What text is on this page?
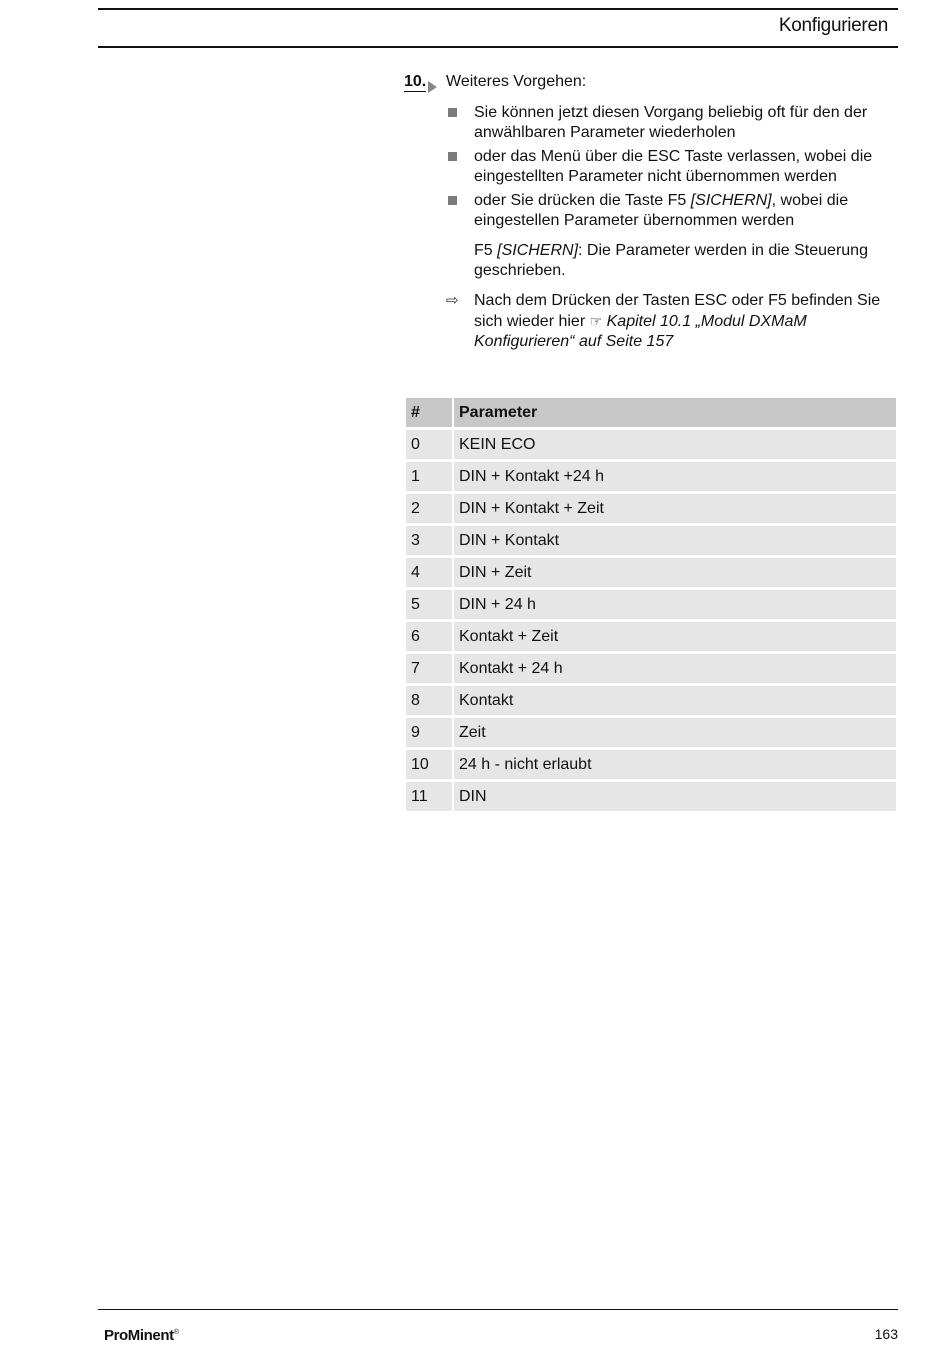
Konfigurieren
10.	Weiteres Vorgehen:
Sie können jetzt diesen Vorgang beliebig oft für den der anwählbaren Parameter wiederholen
oder das Menü über die ESC Taste verlassen, wobei die eingestellten Parameter nicht übernommen werden
oder Sie drücken die Taste F5 [SICHERN], wobei die eingestellen Parameter übernommen werden
F5 [SICHERN]: Die Parameter werden in die Steuerung geschrieben.
⇨ Nach dem Drücken der Tasten ESC oder F5 befinden Sie sich wieder hier ☞ Kapitel 10.1 „Modul DXMaM Konfigurieren“ auf Seite 157
#	Parameter
0	KEIN ECO
1	DIN + Kontakt +24 h
2	DIN + Kontakt + Zeit
3	DIN + Kontakt
4	DIN + Zeit
5	DIN + 24 h
6	Kontakt + Zeit
7	Kontakt + 24 h
8	Kontakt
9	Zeit
10	24 h - nicht erlaubt
11	DIN
ProMinent®	163
